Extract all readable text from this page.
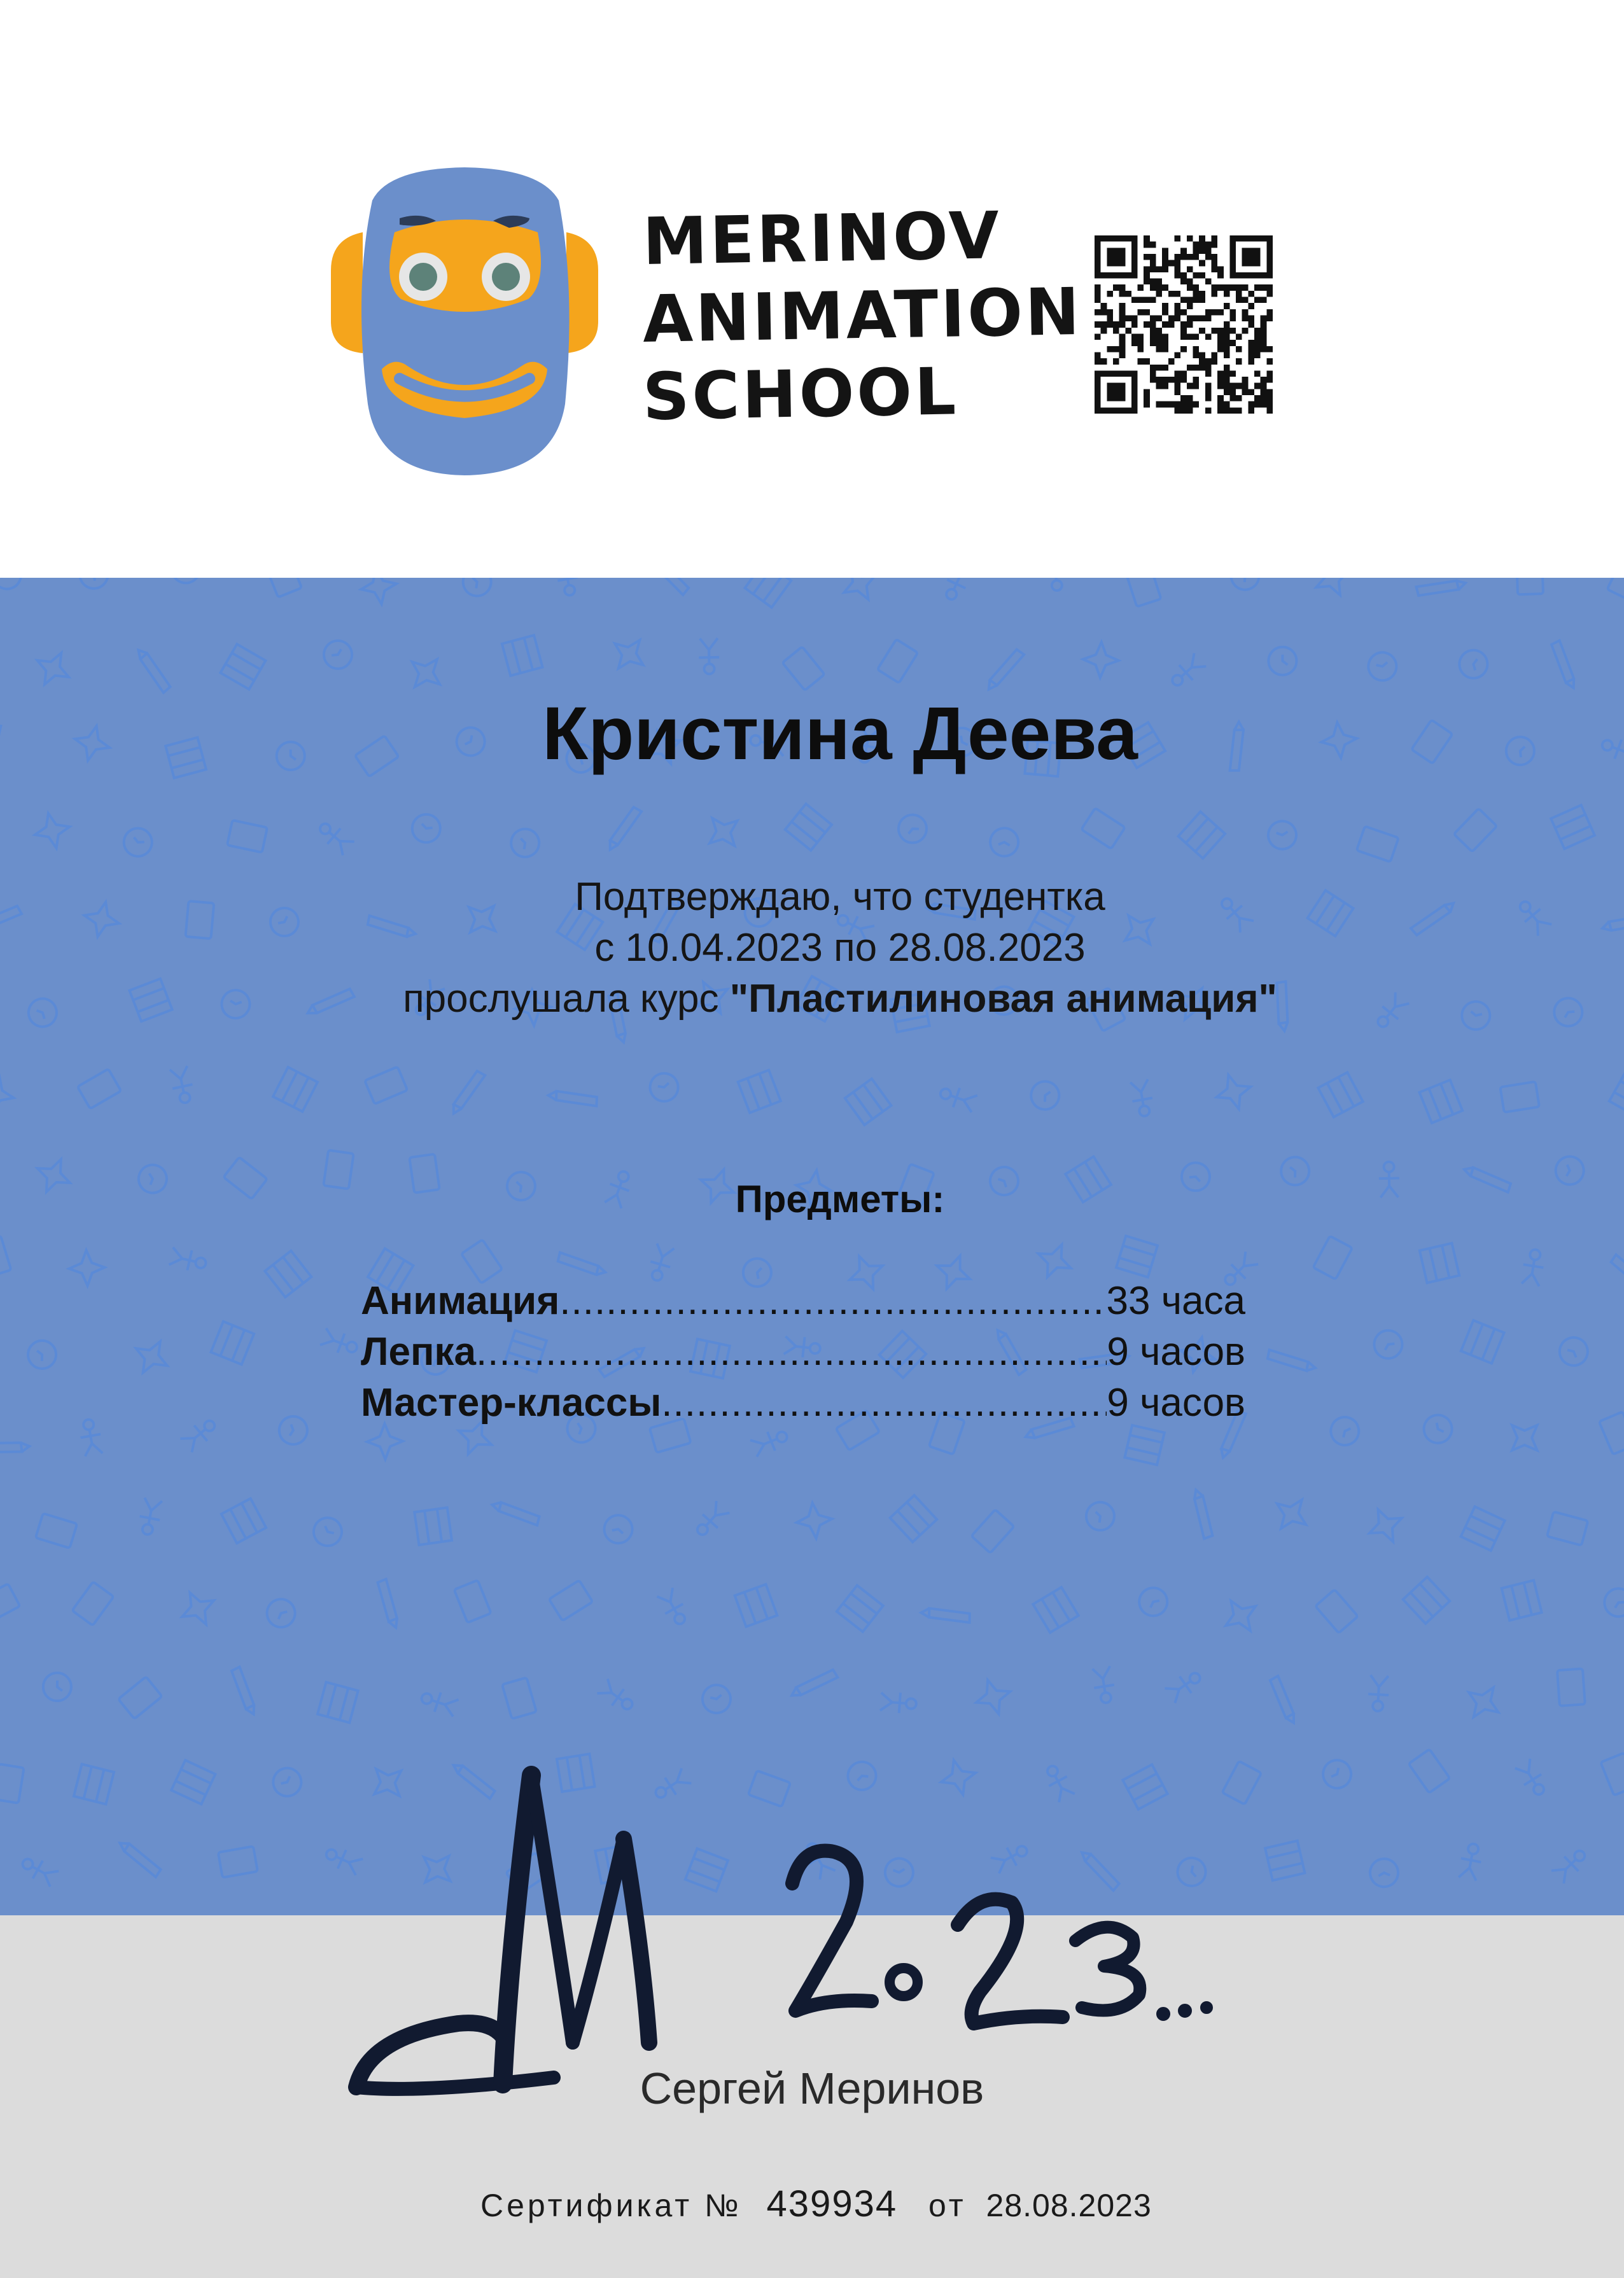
MERINOV
ANIMATION
SCHOOL
Кристина Деева
Подтверждаю, что студентка
с 10.04.2023 по 28.08.2023
прослушала курс "Пластилиновая анимация"
Предметы:
Анимация .....	33 часа
Лепка .....	9 часов
Мастер-классы .....	9 часов
Сергей Меринов
Сертификат № 439934 от 28.08.2023
